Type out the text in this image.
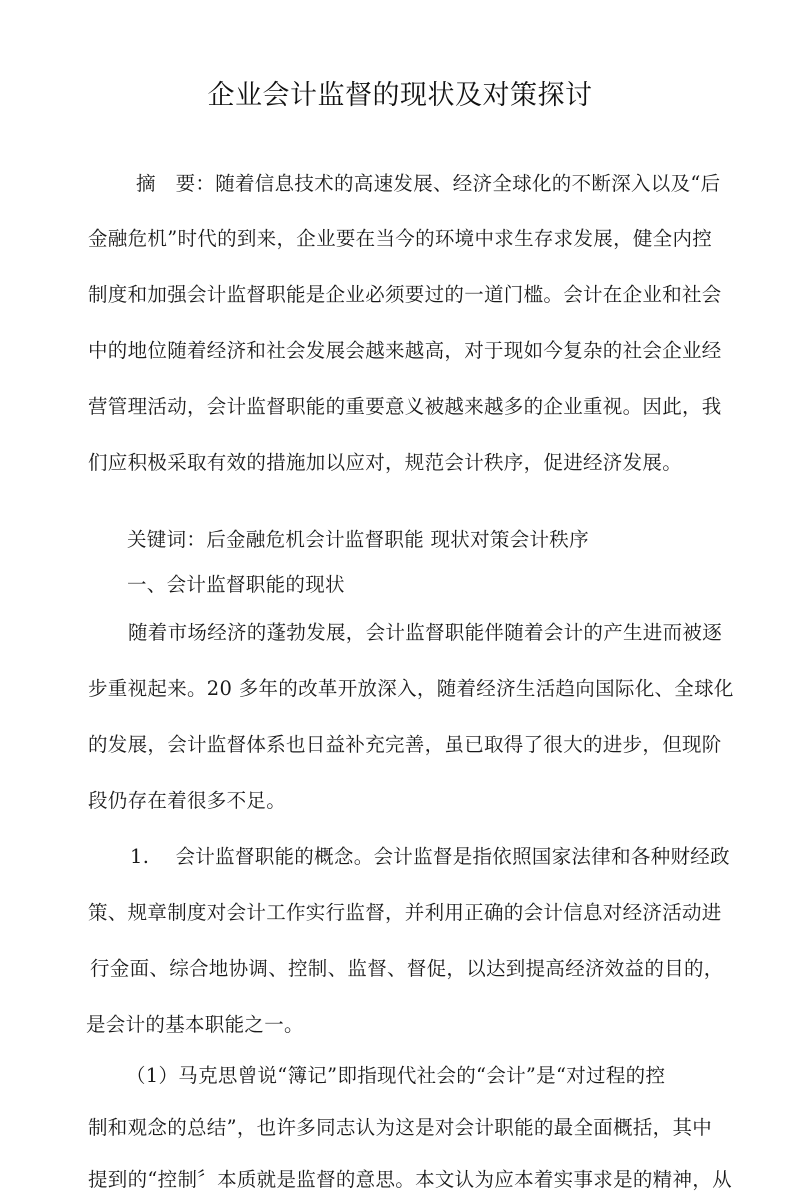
企业会计监督的现状及对策探讨
摘　要：随着信息技术的高速发展、经济全球化的不断深入以及“后
金融危机”时代的到来，企业要在当今的环境中求生存求发展，健全内控
制度和加强会计监督职能是企业必须要过的一道门槛。会计在企业和社会
中的地位随着经济和社会发展会越来越高，对于现如今复杂的社会企业经
营管理活动，会计监督职能的重要意义被越来越多的企业重视。因此，我
们应积极采取有效的措施加以应对，规范会计秩序，促进经济发展。
关键词：后金融危机会计监督职能 现状对策会计秩序
一、会计监督职能的现状
随着市场经济的蓬勃发展，会计监督职能伴随着会计的产生进而被逐
步重视起来。20 多年的改革开放深入，随着经济生活趋向国际化、全球化
的发展，会计监督体系也日益补充完善，虽已取得了很大的进步，但现阶
段仍存在着很多不足。
1.　 会计监督职能的概念。会计监督是指依照国家法律和各种财经政
策、规章制度对会计工作实行监督，并利用正确的会计信息对经济活动进
行金面、综合地协调、控制、监督、督促，以达到提高经济效益的目的，
是会计的基本职能之一。
（1）马克思曾说“簿记”即指现代社会的“会计”是“对过程的控
制和观念的总结”，也许多同志认为这是对会计职能的最全面概括，其中
提到的“控制〞本质就是监督的意思。本文认为应本着实事求是的精神，从
